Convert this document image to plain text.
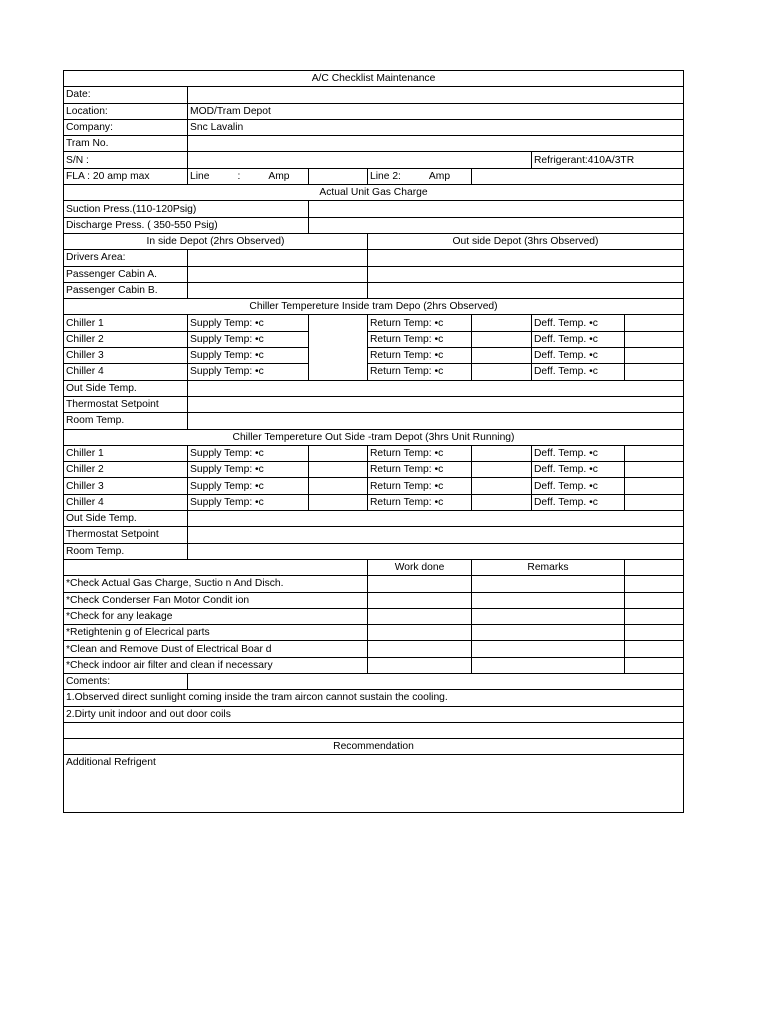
A/C Checklist Maintenance						
Date:						
Location:	MOD/Tram Depot					
Company:	Snc Lavalin					
Tram No.						
S/N :					Refrigerant:410A/3TR	
FLA : 20 amp max	Line : Amp		Line 2: Amp			
Actual Unit Gas Charge						
Suction Press.(110-120Psig)						
Discharge Press. ( 350-550 Psig)						
In side Depot (2hrs Observed)			Out side Depot (3hrs Observed)			
Drivers Area:						
Passenger Cabin A.						
Passenger Cabin B.						
Chiller Tempereture Inside tram Depo (2hrs Observed)						
Chiller 1	Supply Temp: •c		Return Temp: •c		Deff. Temp. •c	
Chiller 2	Supply Temp: •c		Return Temp: •c		Deff. Temp. •c	
Chiller 3	Supply Temp: •c		Return Temp: •c		Deff. Temp. •c	
Chiller 4	Supply Temp: •c		Return Temp: •c		Deff. Temp. •c	
Out Side Temp.						
Thermostat Setpoint						
Room Temp.						
Chiller Tempereture Out Side -tram Depot (3hrs Unit Running)						
Chiller 1	Supply Temp: •c		Return Temp: •c		Deff. Temp. •c	
Chiller 2	Supply Temp: •c		Return Temp: •c		Deff. Temp. •c	
Chiller 3	Supply Temp: •c		Return Temp: •c		Deff. Temp. •c	
Chiller 4	Supply Temp: •c		Return Temp: •c		Deff. Temp. •c	
Out Side Temp.						
Thermostat Setpoint						
Room Temp.						
			Work done	Remarks		
*Check Actual Gas Charge, Suctio n And Disch.						
*Check Conderser Fan Motor Condit ion						
*Check for any leakage						
*Retightenin g of Elecrical parts						
*Clean and Remove Dust of Electrical Boar d						
*Check indoor air filter and clean if necessary						
Coments:						
1.Observed direct sunlight coming inside the tram aircon cannot sustain the cooling.						
2.Dirty unit indoor and out door coils						

Recommendation						
Additional Refrigent						
